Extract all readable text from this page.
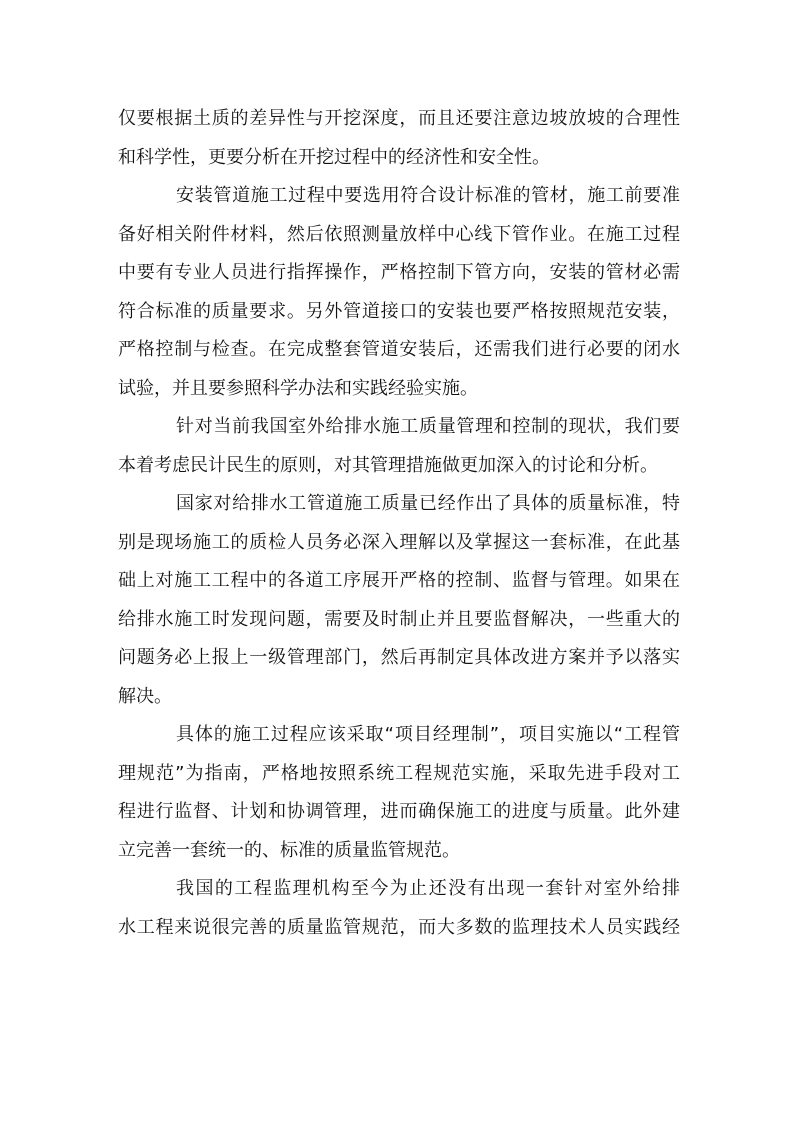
仅要根据土质的差异性与开挖深度，而且还要注意边坡放坡的合理性
和科学性，更要分析在开挖过程中的经济性和安全性。
安装管道施工过程中要选用符合设计标准的管材，施工前要准
备好相关附件材料，然后依照测量放样中心线下管作业。在施工过程
中要有专业人员进行指挥操作，严格控制下管方向，安装的管材必需
符合标准的质量要求。另外管道接口的安装也要严格按照规范安装，
严格控制与检查。在完成整套管道安装后，还需我们进行必要的闭水
试验，并且要参照科学办法和实践经验实施。
针对当前我国室外给排水施工质量管理和控制的现状，我们要
本着考虑民计民生的原则，对其管理措施做更加深入的讨论和分析。
国家对给排水工管道施工质量已经作出了具体的质量标准，特
别是现场施工的质检人员务必深入理解以及掌握这一套标准，在此基
础上对施工工程中的各道工序展开严格的控制、监督与管理。如果在
给排水施工时发现问题，需要及时制止并且要监督解决，一些重大的
问题务必上报上一级管理部门，然后再制定具体改进方案并予以落实
解决。
具体的施工过程应该采取“项目经理制”，项目实施以“工程管
理规范”为指南，严格地按照系统工程规范实施，采取先进手段对工
程进行监督、计划和协调管理，进而确保施工的进度与质量。此外建
立完善一套统一的、标准的质量监管规范。
我国的工程监理机构至今为止还没有出现一套针对室外给排
水工程来说很完善的质量监管规范，而大多数的监理技术人员实践经
